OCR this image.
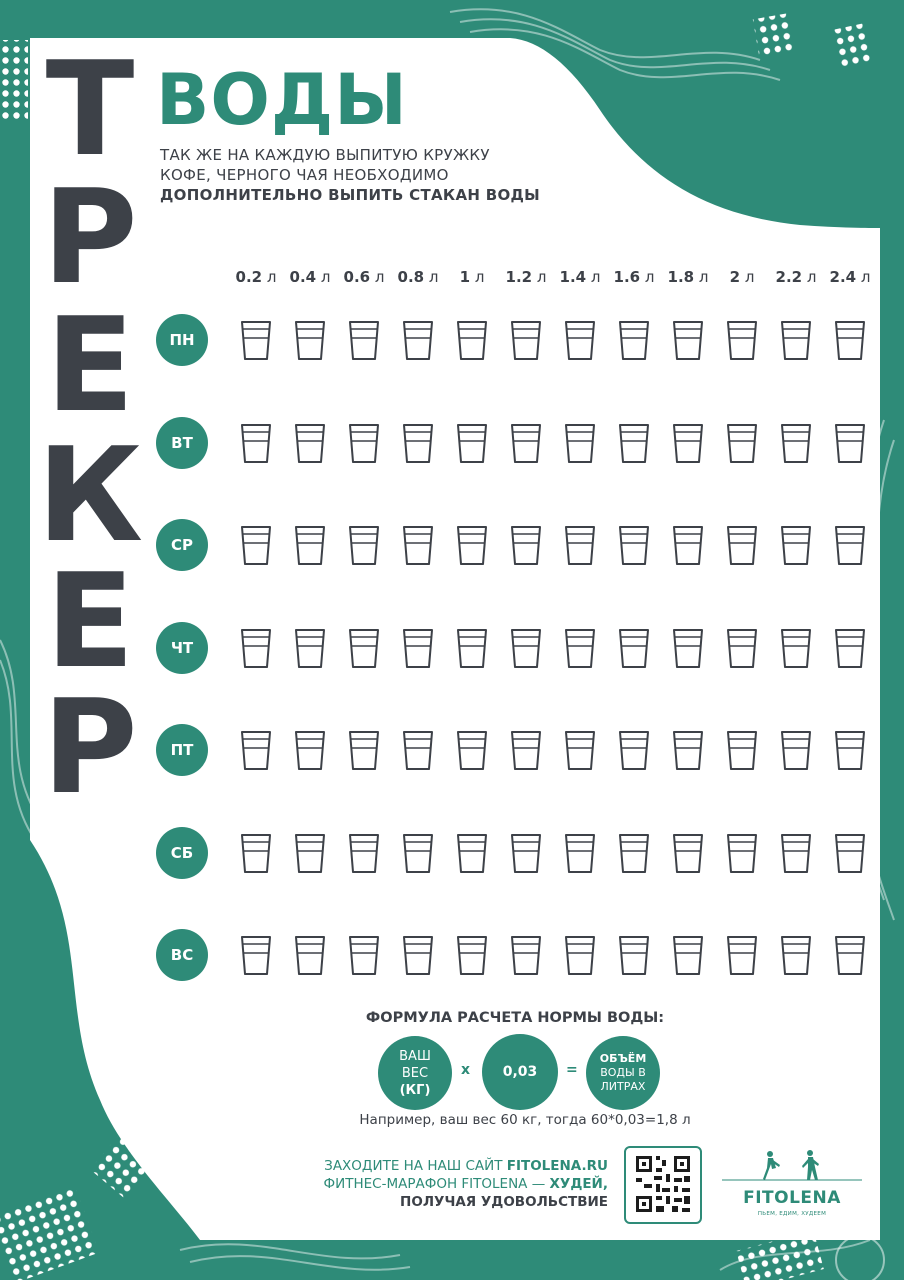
Т
Р
Е
К
Е
Р
ВОДЫ
ТАК ЖЕ НА КАЖДУЮ ВЫПИТУЮ КРУЖКУ
КОФЕ, ЧЕРНОГО ЧАЯ НЕОБХОДИМО
ДОПОЛНИТЕЛЬНО ВЫПИТЬ СТАКАН ВОДЫ
0.2 л 0.4 л 0.6 л 0.8 л	1 л	1.2 л 1.4 л 1.6 л 1.8 л	2 л	2.2 л 2.4 л
ПН
ВТ
СР
ЧТ
ПТ
СБ
ВС
ФОРМУЛА РАСЧЕТА НОРМЫ ВОДЫ:
ВАШ
ВЕС
(КГ)
x 0,03 =
ОБЪЁМ
ВОДЫ В
ЛИТРАХ
Например, ваш вес 60 кг, тогда 60*0,03=1,8 л
ЗАХОДИТЕ НА НАШ САЙТ FITOLENA.RU
ФИТНЕС-МАРАФОН FITOLENA — ХУДЕЙ,
ПОЛУЧАЯ УДОВОЛЬСТВИЕ	FITOLENA
ПЬЕМ, ЕДИМ, ХУДЕЕМ
